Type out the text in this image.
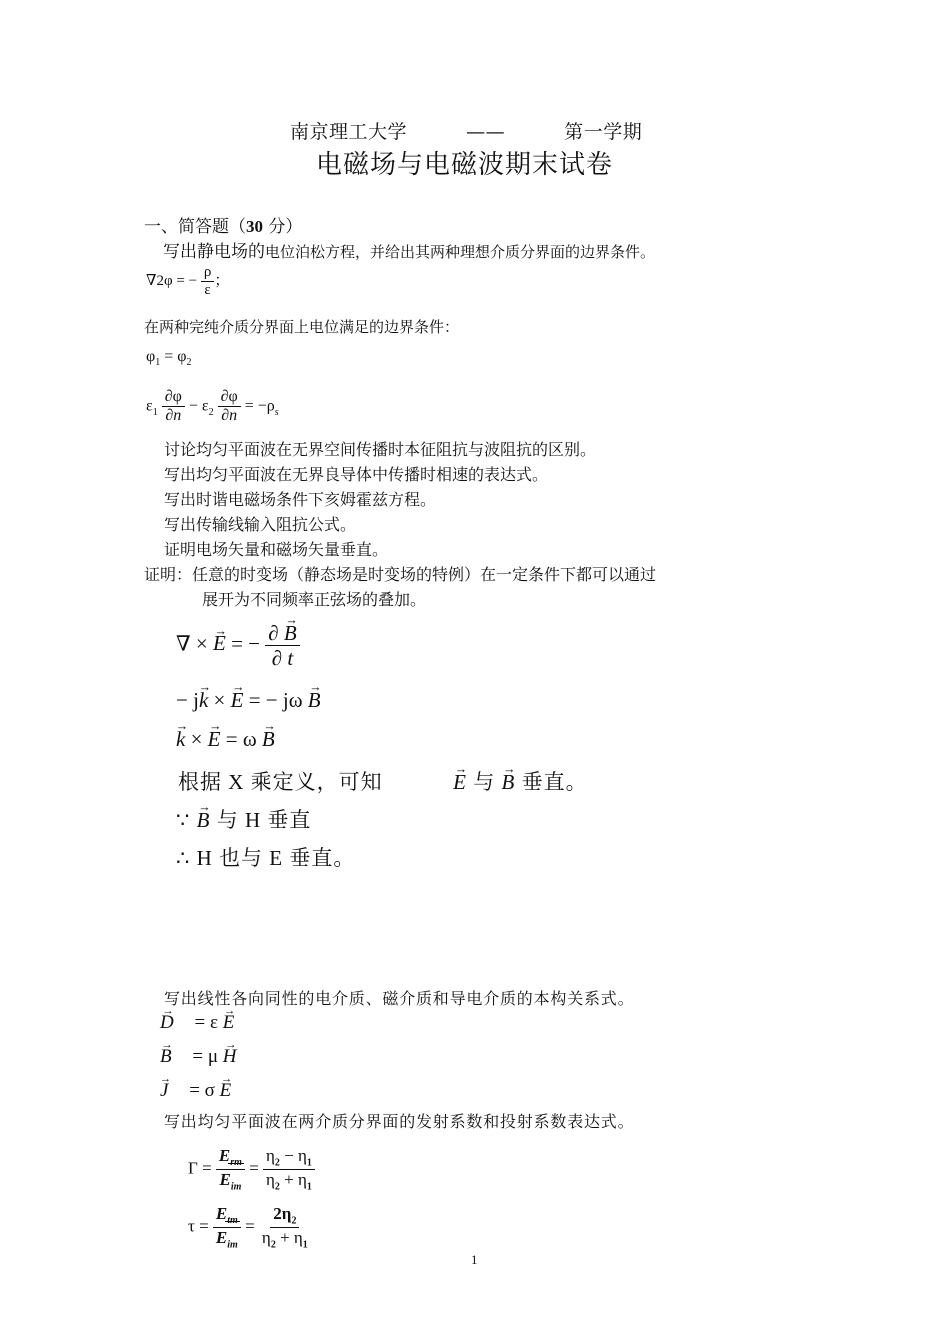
南京理工大学	——	第一学期
电磁场与电磁波期末试卷
一、简答题（30 分）
写出静电场的电位泊松方程，并给出其两种理想介质分界面的边界条件。
∇2φ = − $\frac{\rho}{\varepsilon}$ ；
在两种完纯介质分界面上电位满足的边界条件：
$\varphi_1 = \varphi_2$
$\varepsilon_1 \frac{\partial\varphi}{\partial n} - \varepsilon_2 \frac{\partial\varphi}{\partial n} = -\rho_s$
讨论均匀平面波在无界空间传播时本征阻抗与波阻抗的区别。
写出均匀平面波在无界良导体中传播时相速的表达式。
写出时谐电磁场条件下亥姆霍兹方程。
写出传输线输入阻抗公式。
证明电场矢量和磁场矢量垂直。
证明：任意的时变场（静态场是时变场的特例）在一定条件下都可以通过
展开为不同频率正弦场的叠加。
∇ × → E = − $\frac{\partial \to B}{\partial t}$
− j→ k × → E = − jω → B
→ k × → E = ω → B
根据 X 乘定义，可知	→ E 与 → B 垂直。
∵ → B 与 H 垂直
∴ H 也与 E 垂直。
写出线性各向同性的电介质、磁介质和导电介质的本构关系式。
→ D = ε → E
→ B = μ → H
→ J = σ → E
写出均匀平面波在两介质分界面的发射系数和投射系数表达式。
$\Gamma = \frac{E_{rm}}{E_{im}} = \frac{\eta_2 - \eta_1}{\eta_2 + \eta_1}$
$\tau = \frac{E_{tm}}{E_{im}} = \frac{2\eta_2}{\eta_2 + \eta_1}$
1
